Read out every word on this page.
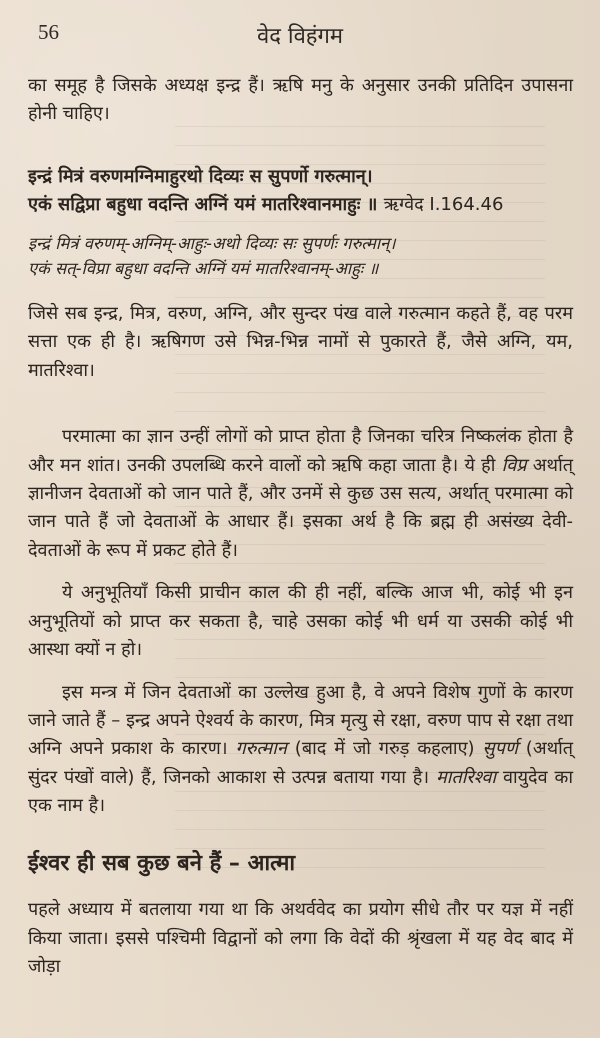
56	वेद विहंगम

का समूह है जिसके अध्यक्ष इन्द्र हैं। ऋषि मनु के अनुसार उनकी प्रतिदिन उपासना होनी चाहिए।

इन्द्रं मित्रं वरुणमग्निमाहुरथो दिव्यः स सुपर्णो गरुत्मान्।
एकं सद्विप्रा बहुधा वदन्ति अग्निं यमं मातरिश्वानमाहुः ॥ ऋग्वेद I.164.46
इन्द्रं मित्रं वरुणम्-अग्निम्-आहुः-अथो दिव्यः सः सुपर्णः गरुत्मान्।
एकं सत्-विप्रा बहुधा वदन्ति अग्निं यमं मातरिश्वानम्-आहुः ॥

जिसे सब इन्द्र, मित्र, वरुण, अग्नि, और सुन्दर पंख वाले गरुत्मान कहते हैं, वह परम सत्ता एक ही है। ऋषिगण उसे भिन्न-भिन्न नामों से पुकारते हैं, जैसे अग्नि, यम, मातरिश्वा।

परमात्मा का ज्ञान उन्हीं लोगों को प्राप्त होता है जिनका चरित्र निष्कलंक होता है और मन शांत। उनकी उपलब्धि करने वालों को ऋषि कहा जाता है। ये ही विप्र अर्थात् ज्ञानीजन देवताओं को जान पाते हैं, और उनमें से कुछ उस सत्य, अर्थात् परमात्मा को जान पाते हैं जो देवताओं के आधार हैं। इसका अर्थ है कि ब्रह्म ही असंख्य देवी-देवताओं के रूप में प्रकट होते हैं।

ये अनुभूतियाँ किसी प्राचीन काल की ही नहीं, बल्कि आज भी, कोई भी इन अनुभूतियों को प्राप्त कर सकता है, चाहे उसका कोई भी धर्म या उसकी कोई भी आस्था क्यों न हो।

इस मन्त्र में जिन देवताओं का उल्लेख हुआ है, वे अपने विशेष गुणों के कारण जाने जाते हैं – इन्द्र अपने ऐश्वर्य के कारण, मित्र मृत्यु से रक्षा, वरुण पाप से रक्षा तथा अग्नि अपने प्रकाश के कारण। गरुत्मान (बाद में जो गरुड़ कहलाए) सुपर्ण (अर्थात् सुंदर पंखों वाले) हैं, जिनको आकाश से उत्पन्न बताया गया है। मातरिश्वा वायुदेव का एक नाम है।

ईश्वर ही सब कुछ बने हैं – आत्मा

पहले अध्याय में बतलाया गया था कि अथर्ववेद का प्रयोग सीधे तौर पर यज्ञ में नहीं किया जाता। इससे पश्चिमी विद्वानों को लगा कि वेदों की श्रृंखला में यह वेद बाद में जोड़ा
